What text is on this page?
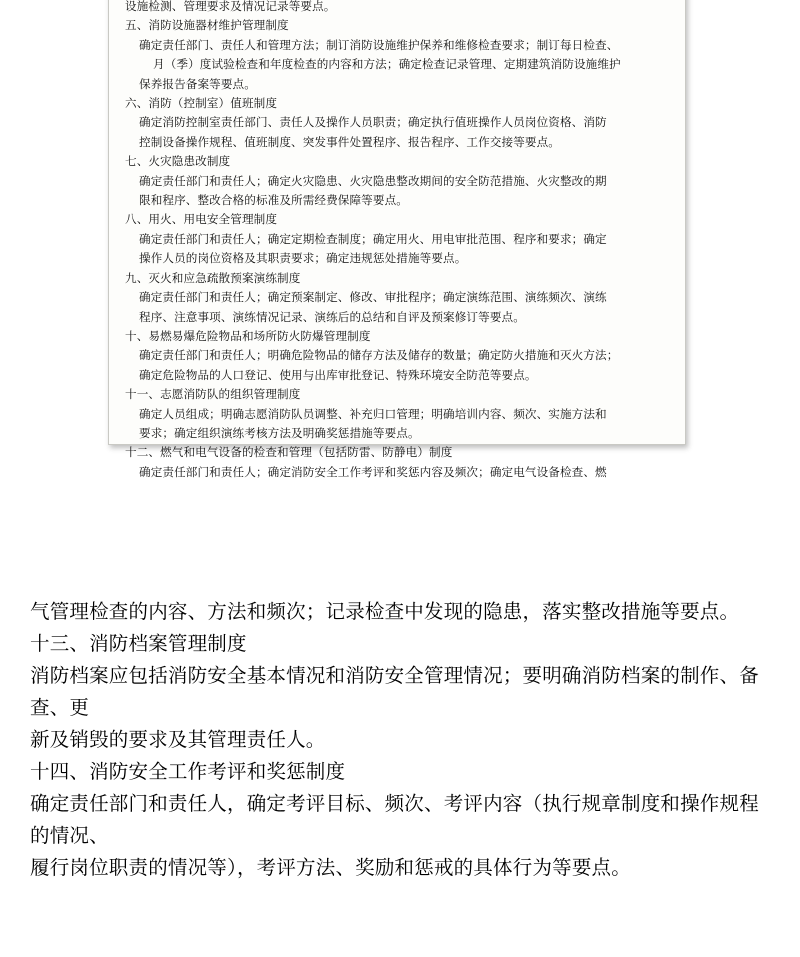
设施检测、管理要求及情况记录等要点。
五、消防设施器材维护管理制度
确定责任部门、责任人和管理方法；制订消防设施维护保养和维修检查要求；制订每日检查、
月（季）度试验检查和年度检查的内容和方法；确定检查记录管理、定期建筑消防设施维护
保养报告备案等要点。
六、消防（控制室）值班制度
确定消防控制室责任部门、责任人及操作人员职责；确定执行值班操作人员岗位资格、消防
控制设备操作规程、值班制度、突发事件处置程序、报告程序、工作交接等要点。
七、火灾隐患改制度
确定责任部门和责任人；确定火灾隐患、火灾隐患整改期间的安全防范措施、火灾整改的期
限和程序、整改合格的标准及所需经费保障等要点。
八、用火、用电安全管理制度
确定责任部门和责任人；确定定期检查制度；确定用火、用电审批范围、程序和要求；确定
操作人员的岗位资格及其职责要求；确定违规惩处措施等要点。
九、灭火和应急疏散预案演练制度
确定责任部门和责任人；确定预案制定、修改、审批程序；确定演练范围、演练频次、演练
程序、注意事项、演练情况记录、演练后的总结和自评及预案修订等要点。
十、易燃易爆危险物品和场所防火防爆管理制度
确定责任部门和责任人；明确危险物品的储存方法及储存的数量；确定防火措施和灭火方法；
确定危险物品的人口登记、使用与出库审批登记、特殊环境安全防范等要点。
十一、志愿消防队的组织管理制度
确定人员组成；明确志愿消防队员调整、补充归口管理；明确培训内容、频次、实施方法和
要求；确定组织演练考核方法及明确奖惩措施等要点。
十二、燃气和电气设备的检查和管理（包括防雷、防静电）制度
确定责任部门和责任人；确定消防安全工作考评和奖惩内容及频次；确定电气设备检查、燃
气管理检查的内容、方法和频次；记录检查中发现的隐患，落实整改措施等要点。
十三、消防档案管理制度
消防档案应包括消防安全基本情况和消防安全管理情况；要明确消防档案的制作、备查、更
新及销毁的要求及其管理责任人。
十四、消防安全工作考评和奖惩制度
确定责任部门和责任人，确定考评目标、频次、考评内容（执行规章制度和操作规程的情况、
履行岗位职责的情况等），考评方法、奖励和惩戒的具体行为等要点。
